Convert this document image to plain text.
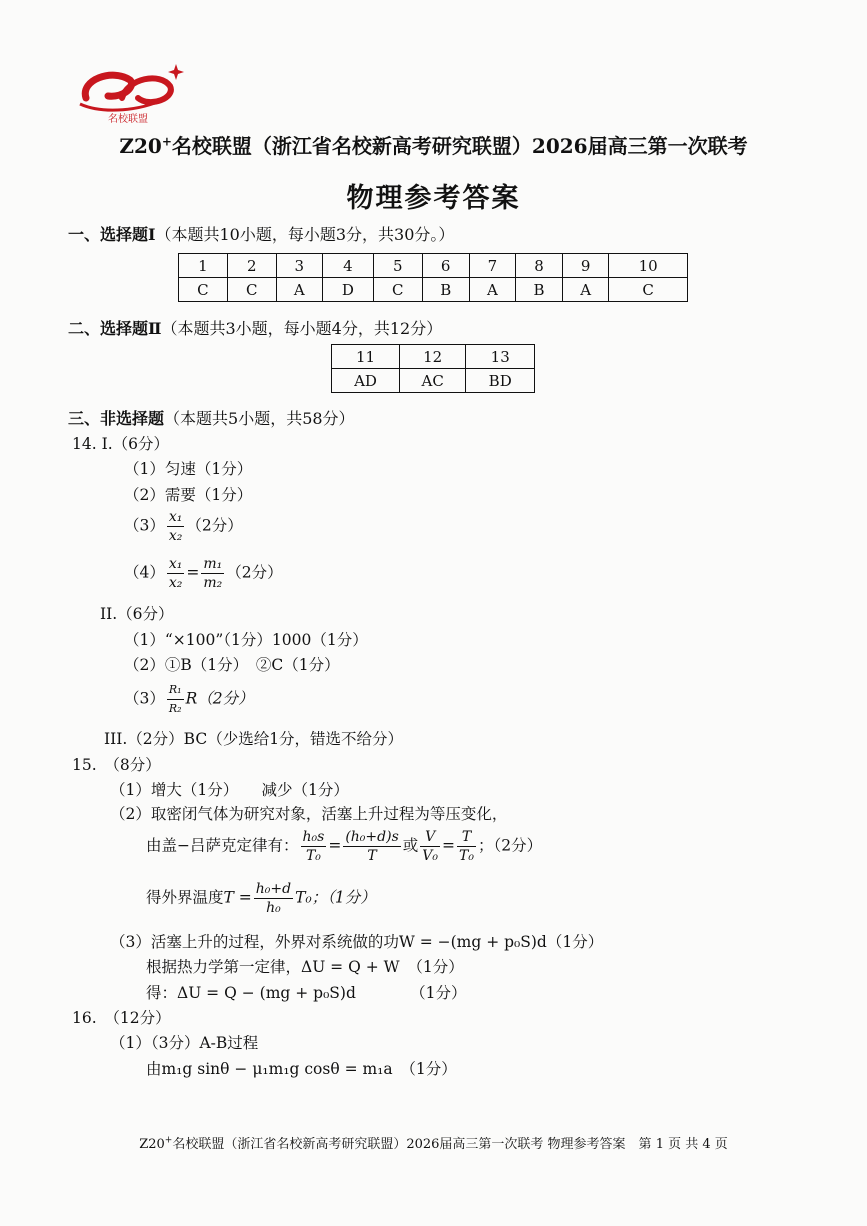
名校联盟
Z20+名校联盟（浙江省名校新高考研究联盟）2026届高三第一次联考
物理参考答案
一、选择题Ⅰ（本题共10小题，每小题3分，共30分。）
1	2	3	4	5	6	7	8	9	10
C	C	A	D	C	B	A	B	A	C
二、选择题Ⅱ（本题共3小题，每小题4分，共12分）
11	12	13
AD	AC	BD
三、非选择题（本题共5小题，共58分）
14. I.（6分）
（1）匀速（1分）
（2）需要（1分）
$(3) \frac{\text{x₁}}{\text{x₂}} (2$分）
$(4) \frac{\text{x₁}}{\text{x₂}} = \frac{\text{m₁}}{\text{m₂}} (2$分）
II.（6分）
（1）“×100”（1分）1000（1分）
（2）①B（1分）　②C（1分）
$(3) \frac{\text{R₁}}{\text{R₂}} R(2$分）
III.（2分）BC（少选给1分，错选不给分）
15.　（8分）
（1）增大（1分）　　减少（1分）
（2）取密闭气体为研究对象，活塞上升过程为等压变化，
由盖−吕萨克定律有： $\frac{\text{h₀s}}{\text{T₀}} = \frac{\text{(h₀+d)s}}{T}$ 或 $\frac{V}{\text{V₀}} = \frac{T}{\text{T₀}}$ ；（2分）
得外界温度$T = \frac{\text{h₀+d}}{\text{h₀}} T_0$；（1分）
（3）活塞上升的过程，外界对系统做的功W = −(mg + p₀S)d（1分）
根据热力学第一定律，ΔU = Q + W　（1分）
得：ΔU = Q − (mg + p₀S)d　　　　（1分）
16.　（12分）
（1）（3分）A-B过程
由m₁g sinθ − μ₁m₁g cosθ = m₁a　（1分）
Z20+名校联盟（浙江省名校新高考研究联盟）2026届高三第一次联考 物理参考答案　第 1 页 共 4 页
